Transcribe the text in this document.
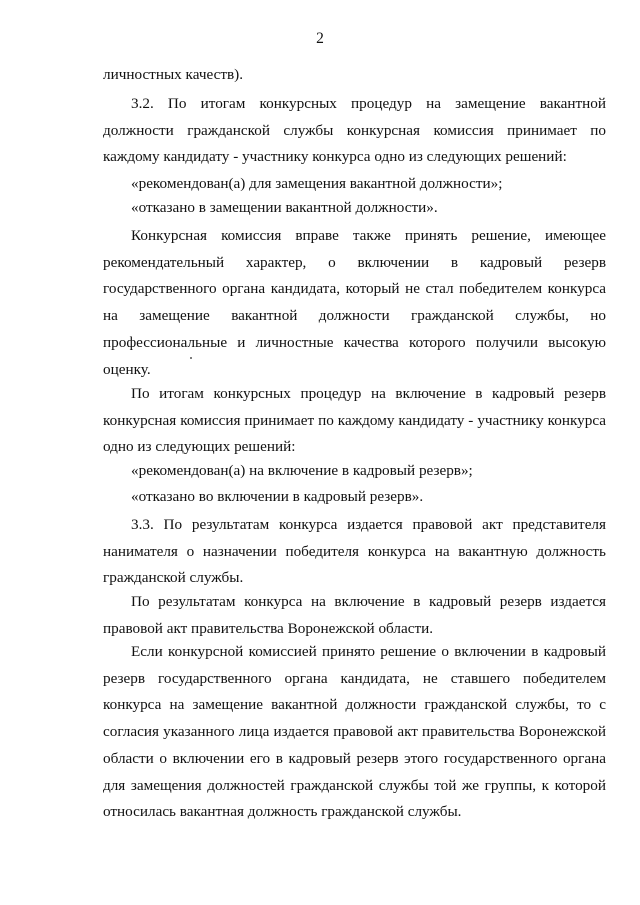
2

личностных качеств).

3.2. По итогам конкурсных процедур на замещение вакантной должности гражданской службы конкурсная комиссия принимает по каждому кандидату - участнику конкурса одно из следующих решений:

«рекомендован(а) для замещения вакантной должности»;

«отказано в замещении вакантной должности».

Конкурсная комиссия вправе также принять решение, имеющее рекомендательный характер, о включении в кадровый резерв государственного органа кандидата, который не стал победителем конкурса на замещение вакантной должности гражданской службы, но профессиональные и личностные качества которого получили высокую оценку.

По итогам конкурсных процедур на включение в кадровый резерв конкурсная комиссия принимает по каждому кандидату - участнику конкурса одно из следующих решений:

«рекомендован(а) на включение в кадровый резерв»;

«отказано во включении в кадровый резерв».

3.3. По результатам конкурса издается правовой акт представителя нанимателя о назначении победителя конкурса на вакантную должность гражданской службы.

По результатам конкурса на включение в кадровый резерв издается правовой акт правительства Воронежской области.

Если конкурсной комиссией принято решение о включении в кадровый резерв государственного органа кандидата, не ставшего победителем конкурса на замещение вакантной должности гражданской службы, то с согласия указанного лица издается правовой акт правительства Воронежской области о включении его в кадровый резерв этого государственного органа для замещения должностей гражданской службы той же группы, к которой относилась вакантная должность гражданской службы.
